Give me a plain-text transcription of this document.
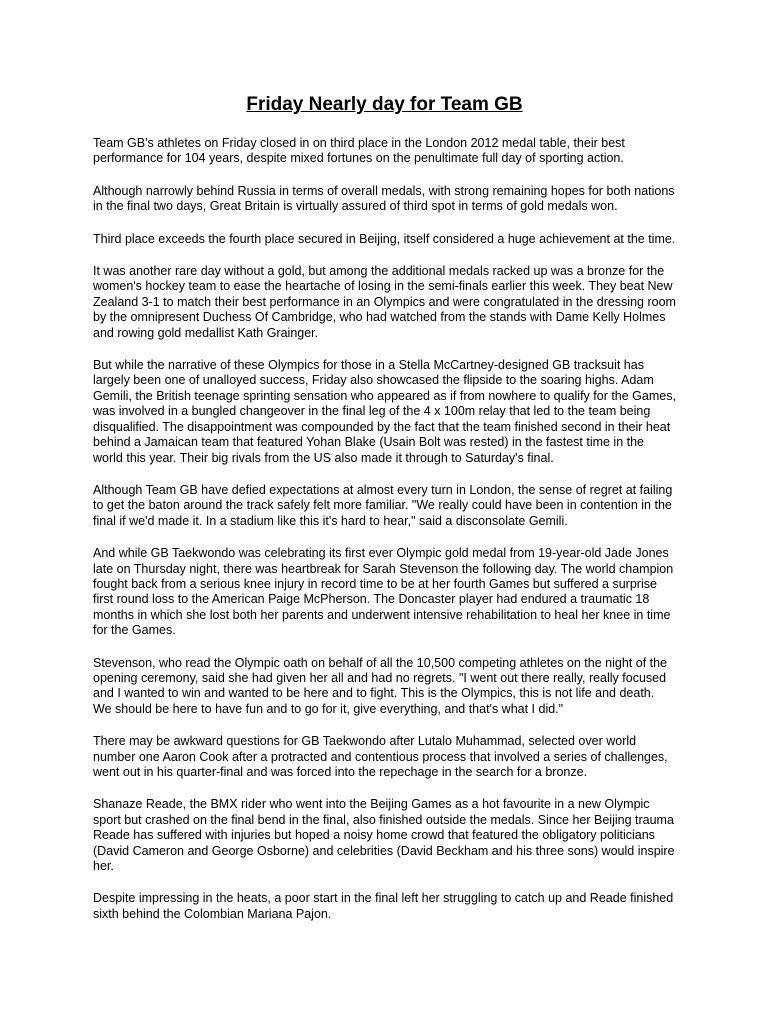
Friday Nearly day for Team GB

Team GB's athletes on Friday closed in on third place in the London 2012 medal table, their best performance for 104 years, despite mixed fortunes on the penultimate full day of sporting action.

Although narrowly behind Russia in terms of overall medals, with strong remaining hopes for both nations in the final two days, Great Britain is virtually assured of third spot in terms of gold medals won.

Third place exceeds the fourth place secured in Beijing, itself considered a huge achievement at the time.

It was another rare day without a gold, but among the additional medals racked up was a bronze for the women's hockey team to ease the heartache of losing in the semi-finals earlier this week. They beat New Zealand 3-1 to match their best performance in an Olympics and were congratulated in the dressing room by the omnipresent Duchess Of Cambridge, who had watched from the stands with Dame Kelly Holmes and rowing gold medallist Kath Grainger.

But while the narrative of these Olympics for those in a Stella McCartney-designed GB tracksuit has largely been one of unalloyed success, Friday also showcased the flipside to the soaring highs. Adam Gemili, the British teenage sprinting sensation who appeared as if from nowhere to qualify for the Games, was involved in a bungled changeover in the final leg of the 4 x 100m relay that led to the team being disqualified. The disappointment was compounded by the fact that the team finished second in their heat behind a Jamaican team that featured Yohan Blake (Usain Bolt was rested) in the fastest time in the world this year. Their big rivals from the US also made it through to Saturday's final.

Although Team GB have defied expectations at almost every turn in London, the sense of regret at failing to get the baton around the track safely felt more familiar. "We really could have been in contention in the final if we'd made it. In a stadium like this it's hard to hear," said a disconsolate Gemili.

And while GB Taekwondo was celebrating its first ever Olympic gold medal from 19-year-old Jade Jones late on Thursday night, there was heartbreak for Sarah Stevenson the following day. The world champion fought back from a serious knee injury in record time to be at her fourth Games but suffered a surprise first round loss to the American Paige McPherson. The Doncaster player had endured a traumatic 18 months in which she lost both her parents and underwent intensive rehabilitation to heal her knee in time for the Games.

Stevenson, who read the Olympic oath on behalf of all the 10,500 competing athletes on the night of the opening ceremony, said she had given her all and had no regrets. "I went out there really, really focused and I wanted to win and wanted to be here and to fight. This is the Olympics, this is not life and death. We should be here to have fun and to go for it, give everything, and that's what I did."

There may be awkward questions for GB Taekwondo after Lutalo Muhammad, selected over world number one Aaron Cook after a protracted and contentious process that involved a series of challenges, went out in his quarter-final and was forced into the repechage in the search for a bronze.

Shanaze Reade, the BMX rider who went into the Beijing Games as a hot favourite in a new Olympic sport but crashed on the final bend in the final, also finished outside the medals. Since her Beijing trauma Reade has suffered with injuries but hoped a noisy home crowd that featured the obligatory politicians (David Cameron and George Osborne) and celebrities (David Beckham and his three sons) would inspire her.

Despite impressing in the heats, a poor start in the final left her struggling to catch up and Reade finished sixth behind the Colombian Mariana Pajon.
